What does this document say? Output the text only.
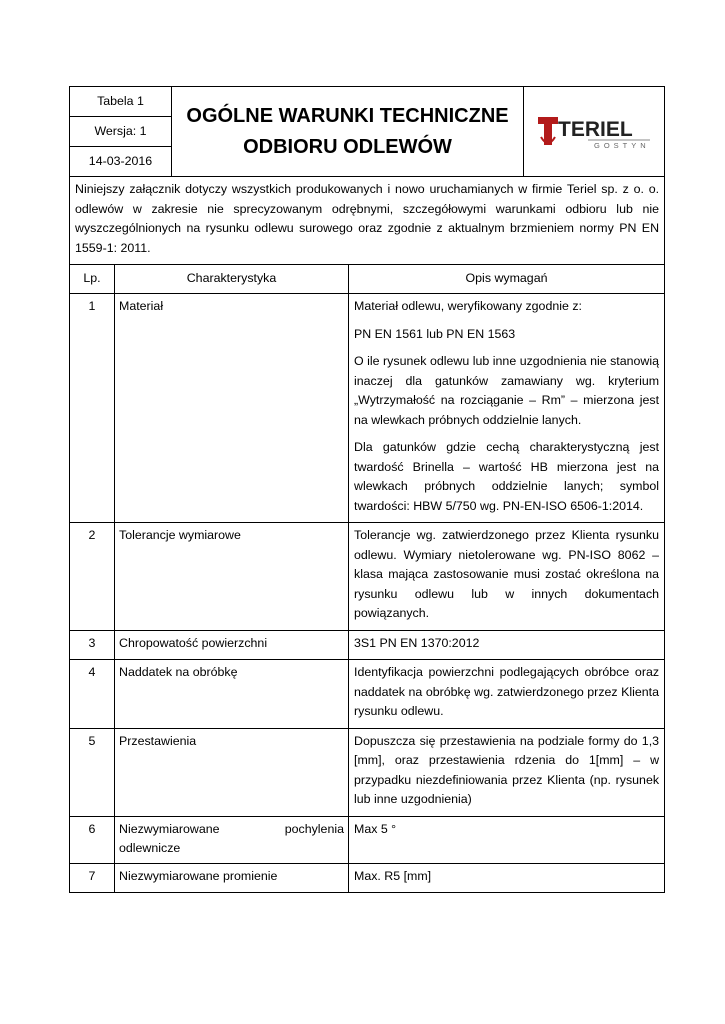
Tabela 1	
OGÓLNE WARUNKI TECHNICZNE
ODBIORU ODLEWÓW

TERIEL
GOSTYN

Wersja: 1
14-03-2016
Niniejszy załącznik dotyczy wszystkich produkowanych i nowo uruchamianych w firmie Teriel sp. z o. o. odlewów w zakresie nie sprecyzowanym odrębnymi, szczegółowymi warunkami odbioru lub nie wyszczególnionych na rysunku odlewu surowego oraz zgodnie z aktualnym brzmieniem normy PN EN 1559-1: 2011.		
Lp.	Charakterystyka	Opis wymagań
1	Materiał	Materiał odlewu, weryfikowany zgodnie z:

PN EN 1561 lub PN EN 1563

O ile rysunek odlewu lub inne uzgodnienia nie stanowią inaczej dla gatunków zamawiany wg. kryterium „Wytrzymałość na rozciąganie – Rm” – mierzona jest na wlewkach próbnych oddzielnie lanych.

Dla gatunków gdzie cechą charakterystyczną jest twardość Brinella – wartość HB mierzona jest na wlewkach próbnych oddzielnie lanych; symbol twardości: HBW 5/750 wg. PN-EN-ISO 6506-1:2014.

2	Tolerancje wymiarowe	Tolerancje wg. zatwierdzonego przez Klienta rysunku odlewu. Wymiary nietolerowane wg. PN-ISO 8062 – klasa mająca zastosowanie musi zostać określona na rysunku odlewu lub w innych dokumentach powiązanych.

3	Chropowatość powierzchni	3S1 PN EN 1370:2012

4	Naddatek na obróbkę	Identyfikacja powierzchni podlegających obróbce oraz naddatek na obróbkę wg. zatwierdzonego przez Klienta rysunku odlewu.

5	Przestawienia	Dopuszcza się przestawienia na podziale formy do 1,3 [mm], oraz przestawienia rdzenia do 1[mm] – w przypadku niezdefiniowania przez Klienta (np. rysunek lub inne uzgodnienia)

6	Niezwymiarowane pochylenia odlewnicze	Max 5 °

7	Niezwymiarowane promienie	Max. R5 [mm]
